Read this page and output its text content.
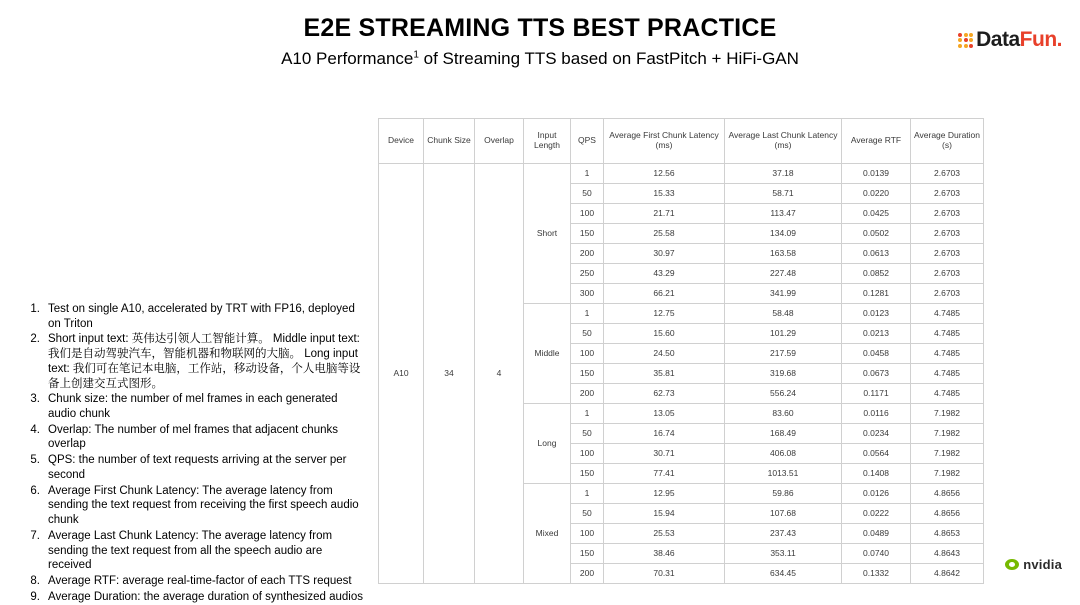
E2E STREAMING TTS BEST PRACTICE
A10 Performance$^1$ of Streaming TTS based on FastPitch + HiFi-GAN
DataFun.
1. Test on single A10, accelerated by TRT with FP16, deployed on Triton
2. Short input text: 英伟达引领人工智能计算。 Middle input text: 我们是自动驾驶汽车，智能机器和物联网的大脑。 Long input text: 我们可在笔记本电脑，工作站，移动设备，个人电脑等设备上创建交互式图形。
3. Chunk size: the number of mel frames in each generated audio chunk
4. Overlap: The number of mel frames that adjacent chunks overlap
5. QPS: the number of text requests arriving at the server per second
6. Average First Chunk Latency: The average latency from sending the text request from receiving the first speech audio chunk
7. Average Last Chunk Latency: The average latency from sending the text request from all the speech audio are received
8. Average RTF: average real-time-factor of each TTS request
9. Average Duration: the average duration of synthesized audios
Device	Chunk Size	Overlap	Input Length	QPS	Average First Chunk Latency (ms)	Average Last Chunk Latency (ms)	Average RTF	Average Duration (s)
A10	34	4	Short	1	12.56	37.18	0.0139	2.6703
				50	15.33	58.71	0.0220	2.6703
				100	21.71	113.47	0.0425	2.6703
				150	25.58	134.09	0.0502	2.6703
				200	30.97	163.58	0.0613	2.6703
				250	43.29	227.48	0.0852	2.6703
				300	66.21	341.99	0.1281	2.6703
			Middle	1	12.75	58.48	0.0123	4.7485
				50	15.60	101.29	0.0213	4.7485
				100	24.50	217.59	0.0458	4.7485
				150	35.81	319.68	0.0673	4.7485
				200	62.73	556.24	0.1171	4.7485
			Long	1	13.05	83.60	0.0116	7.1982
				50	16.74	168.49	0.0234	7.1982
				100	30.71	406.08	0.0564	7.1982
				150	77.41	1013.51	0.1408	7.1982
			Mixed	1	12.95	59.86	0.0126	4.8656
				50	15.94	107.68	0.0222	4.8656
				100	25.53	237.43	0.0489	4.8653
				150	38.46	353.11	0.0740	4.8643
				200	70.31	634.45	0.1332	4.8642
nvidia
